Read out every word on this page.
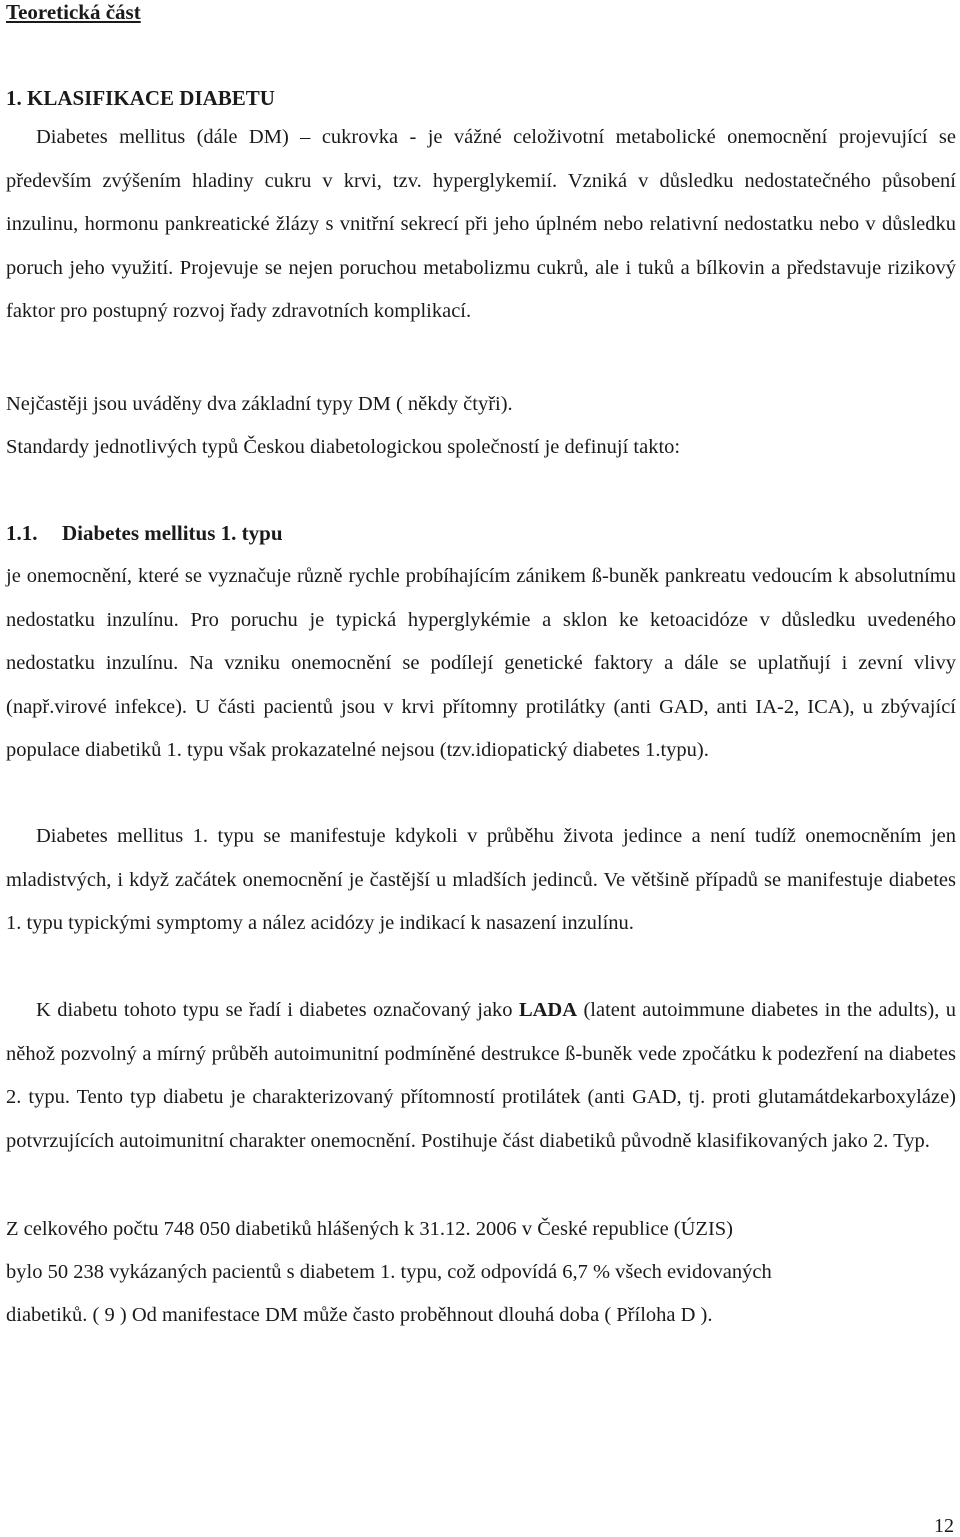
Teoretická část
1. KLASIFIKACE DIABETU

Diabetes mellitus (dále DM) – cukrovka - je vážné celoživotní metabolické onemocnění projevující se především zvýšením hladiny cukru v krvi, tzv. hyperglykemií. Vzniká v důsledku nedostatečného působení inzulinu, hormonu pankreatické žlázy s vnitřní sekrecí při jeho úplném nebo relativní nedostatku nebo v důsledku poruch jeho využití. Projevuje se nejen poruchou metabolizmu cukrů, ale i tuků a bílkovin a představuje rizikový faktor pro postupný rozvoj řady zdravotních komplikací.

Nejčastěji jsou uváděny dva základní typy DM ( někdy čtyři).
Standardy jednotlivých typů Českou diabetologickou společností je definují takto:
1.1. Diabetes mellitus 1. typu

je onemocnění, které se vyznačuje různě rychle probíhajícím zánikem ß-buněk pankreatu vedoucím k absolutnímu nedostatku inzulínu. Pro poruchu je typická hyperglykémie a sklon ke ketoacidóze v důsledku uvedeného nedostatku inzulínu. Na vzniku onemocnění se podílejí genetické faktory a dále se uplatňují i zevní vlivy (např.virové infekce). U části pacientů jsou v krvi přítomny protilátky (anti GAD, anti IA-2, ICA), u zbývající populace diabetiků 1. typu však prokazatelné nejsou (tzv.idiopatický diabetes 1.typu).

Diabetes mellitus 1. typu se manifestuje kdykoli v průběhu života jedince a není tudíž onemocněním jen mladistvých, i když začátek onemocnění je častější u mladších jedinců. Ve většině případů se manifestuje diabetes 1. typu typickými symptomy a nález acidózy je indikací k nasazení inzulínu.

K diabetu tohoto typu se řadí i diabetes označovaný jako LADA (latent autoimmune diabetes in the adults), u něhož pozvolný a mírný průběh autoimunitní podmíněné destrukce ß-buněk vede zpočátku k podezření na diabetes 2. typu. Tento typ diabetu je charakterizovaný přítomností protilátek (anti GAD, tj. proti glutamátdekarboxyláze) potvrzujících autoimunitní charakter onemocnění. Postihuje část diabetiků původně klasifikovaných jako 2. Typ.

Z celkového počtu 748 050 diabetiků hlášených k 31.12. 2006 v České republice (ÚZIS)
bylo 50 238 vykázaných pacientů s diabetem 1. typu, což odpovídá 6,7 % všech evidovaných
diabetiků. ( 9 ) Od manifestace DM může často proběhnout dlouhá doba ( Příloha D ).
12
